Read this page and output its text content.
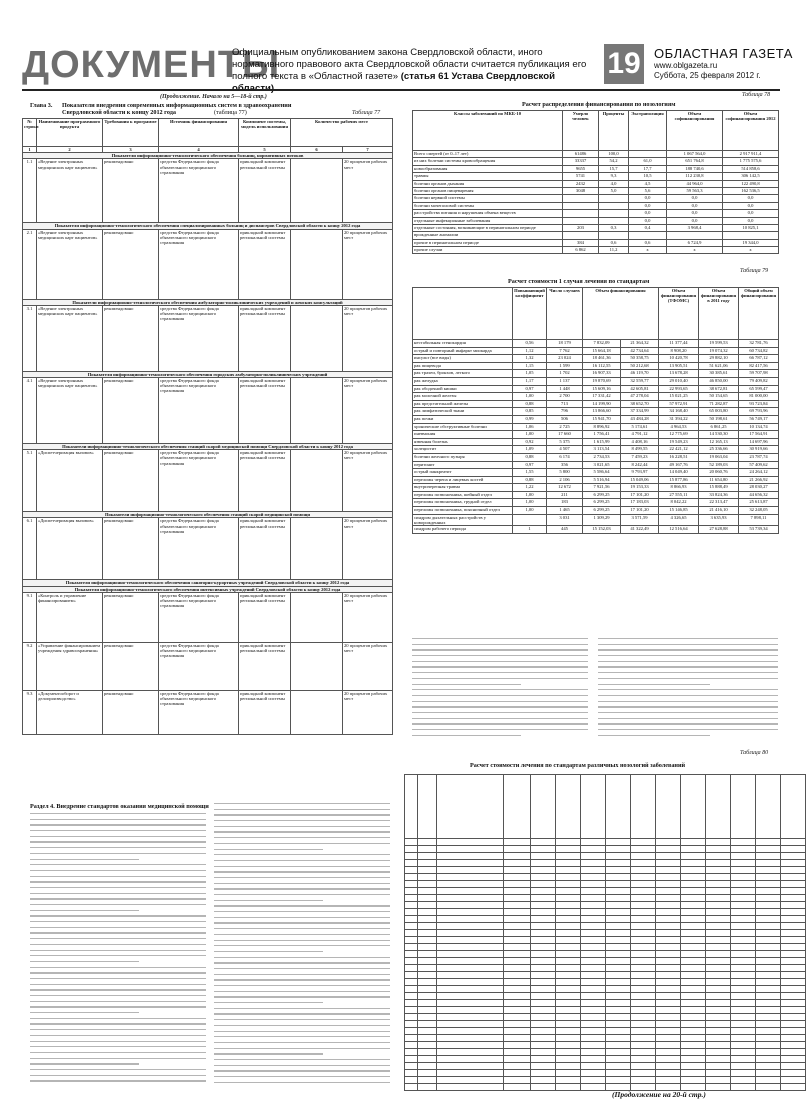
ДОКУМЕНТЫ
Официальным опубликованием закона Свердловской области, иного нормативного правового акта Свердловской области считается публикация его полного текста в «Областной газете» (статья 61 Устава Свердловской	19 ОБЛАСТНАЯ ГАЗЕТА
www.oblgazeta.ru
Суббота, 25 февраля 2012 г.
(Продолжение. Начало на 5—18-й стр.)
Глава 3. Показатели внедрения современных информационных систем в здравоохранении Свердловской области к концу 2012 года	(таблица 77)	Таблица 77
№ строки	Наименование программного продукта	Требования к программе	Источник финансирования	Компонент системы, модель использования	Количество рабочих мест	
1	2	3	4	5	6	7
Показатели информационно-технологического обеспечения больниц, нормативных потоков						
1.1	«Ведение электронных медицинских карт пациентов»	рекомендовано	средства Федерального фонда обязательного медицинского страхования	прикладной компонент региональной системы		20 процентов рабочих мест
Показатели информационно-технологического обеспечения специализированных больниц и диспансеров Свердловской области к концу 2012 года						
2.1	«Ведение электронных медицинских карт пациентов»	рекомендовано	средства Федерального фонда обязательного медицинского страхования	прикладной компонент региональной системы		20 процентов рабочих мест
Показатели информационно-технологического обеспечения амбулаторно-поликлинических учреждений и женских консультаций						
3.1	«Ведение электронных медицинских карт пациентов»	рекомендовано	средства Федерального фонда обязательного медицинского страхования	прикладной компонент региональной системы		20 процентов рабочих мест
Показатели информационно-технологического обеспечения городских амбулаторно-поликлинических учреждений						
4.1	«Ведение электронных медицинских карт пациентов»	рекомендовано	средства Федерального фонда обязательного медицинского страхования	прикладной компонент региональной системы		20 процентов рабочих мест
Показатели информационно-технологического обеспечения станций скорой медицинской помощи Свердловской области к концу 2012 года						
5.1	«Диспетчеризация вызовов»	рекомендовано	средства Федерального фонда обязательного медицинского страхования	прикладной компонент региональной системы		20 процентов рабочих мест
Показатели информационно-технологического обеспечения станций скорой медицинской помощи						
6.1	«Диспетчеризация вызовов»	рекомендовано	средства Федерального фонда обязательного медицинского страхования	прикладной компонент региональной системы		20 процентов рабочих мест
Показатели информационно-технологического обеспечения санаторно-курортных учреждений Свердловской области к концу 2012 года						
Показатели информационно-технологического обеспечения интенсивных учреждений Свердловской области к концу 2012 года						
9.1	«Контроль и управление финансированием»	рекомендовано	средства Федерального фонда обязательного медицинского страхования	прикладной компонент региональной системы		20 процентов рабочих мест
9.2	«Управление финансированием учреждения здравоохранения»	рекомендовано	средства Федерального фонда обязательного медицинского страхования	прикладной компонент региональной системы		20 процентов рабочих мест
9.3	«Документооборот и делопроизводство»	рекомендовано	средства Федерального фонда обязательного медицинского страхования	прикладной компонент региональной системы		20 процентов рабочих мест
Раздел 4. Внедрение стандартов оказания медицинской помощи
Таблица 78
Расчет распределения финансирования по нозологиям
Классы заболеваний по МКБ-10	Умерло человек	Проценты	Экстраполяция	Объем софинансирования	Объем софинансирования 2012
Всего смертей (от 0–17 лет)	61486	100,0		1 067 564,0	2 917 911,4
из них болезни системы кровообращения	33337	54,2	61,0	651 764,8	1 775 575,6
новообразования	9655	15,7	17,7	188 740,6	514 858,6
травмы	5741	9,3	10,5	112 230,8	306 142,5
болезни органов дыхания	2432	4,0	4,5	44 964,0	122 490,8
болезни органов пищеварения	3048	5,0	5,6	59 563,3	162 536,5
болезни нервной системы			0,0	0,0	0,0
болезни мочеполовой системы			0,0	0,0	0,0
расстройства питания и нарушения обмена веществ			0,0	0,0	0,0
отдельные инфекционные заболевания			0,0	0,0	0,0
отдельные состояния, возникающие в перинатальном периоде	203	0,3	0,4	3 968,4	10 825,1
врожденные аномалии					
прочие в перинатальном периоде	384	0,6	0,6	6 724,9	19 344,0
прочие случаи	6 862	11,2	x	x	x
Таблица 79
Расчет стоимости 1 случая лечения по стандартам
	Повышающий коэффициент	Число случаев	Объем финансирования		Объем финансирования (ТФОМС)	Объем финансирования в 2011 году	Общий объем финансирования
нестабильная стенокардия	0,56	18 179	7 832,09	21 364,32	11 377,44	19 599,53	32 781,76
острый и повторный инфаркт миокарда	1,12	7 762	15 664,18	42 734,64	8 908,20	19 074,32	60 734,82
инсульт (все виды)	1,32	23 024	18 461,36	50 358,75	10 420,78	29 882,10	66 787,12
рак пищевода	1,15	1 599	16 112,55	50 212,68	13 905,51	51 621,06	82 417,56
рак трахеи, бронхов, легкого	1,05	1 702	16 907,33	46 119,70	13 678,28	30 385,61	59 707,98
рак желудка	1,17	1 137	19 870,69	32 559,77	29 010,40	46 850,00	79 409,82
рак ободочной кишки	0,97	1 448	15 609,16	42 605,81	22 993,65	38 672,81	65 599,47
рак молочной железы	1,00	2 700	17 331,42	47 278,04	15 021,25	50 154,65	81 000,00
рак предстательной железы	0,88	713	14 199,90	38 652,70	57 972,91	71 282,87	93 723,84
рак лимфатической ткани	0,85	796	13 866,60	37 334,99	34 168,40	65 003,80	69 793,96
рак почки	0,99	506	15 941,70	43 484,28	31 394,22	50 198,61	56 749,17
хронические обструктивные болезни	1,06	2 725	8 896,92	5 174,61	4 964,53	6 861,25	10 134,74
пневмония	1,00	17 660	1 756,41	4 791,12	12 775,69	14 530,30	17 564,91
язвенная болезнь	0,92	5 375	1 615,99	4 408,16	19 549,23	12 165,13	14 697,96
холецистит	1,09	4 507	3 113,54	8 499,55	22 421,12	25 336,66	30 919,66
болезни желчного пузыря	0,88	6 174	2 734,53	7 459,23	16 228,51	19 063,04	23 787,74
перитонит	0,97	356	3 021,65	8 242,44	49 167,76	52 189,03	57 409,62
острый панкреатит	1,55	5 800	5 586,64	9 793,97	14 049,40	20 060,76	24 264,12
переломы черепа и лицевых костей	0,88	2 106	5 516,94	15 049,06	15 877,86	11 654,80	21 266,92
внутричерепная травма	1,22	12 672	7 921,56	19 153,33	8 866,93	15 888,49	28 030,27
переломы позвоночника, шейный отдел	1,00	211	6 299,25	17 101,20	27 555,11	33 824,36	44 656,32
переломы позвоночника, грудной отдел	1,00	183	6 299,25	17 183,03	8 042,22	22 313,47	25 613,87
переломы позвоночника, поясничный отдел	1,00	1 465	6 299,25	17 101,20	15 146,85	21 416,10	32 248,05
синдром дыхательных расстройств у новорожденных		3 031	1 309,29	3 571,59	4 326,65	3 635,93	7 898,11
синдром рабочего периода	1	445	15 152,03	41 322,49	12 516,64	27 628,88	53 739,34
Таблица 80
Расчет стоимости лечения по стандартам различных нозологий заболеваний

(Продолжение на 20-й стр.)
